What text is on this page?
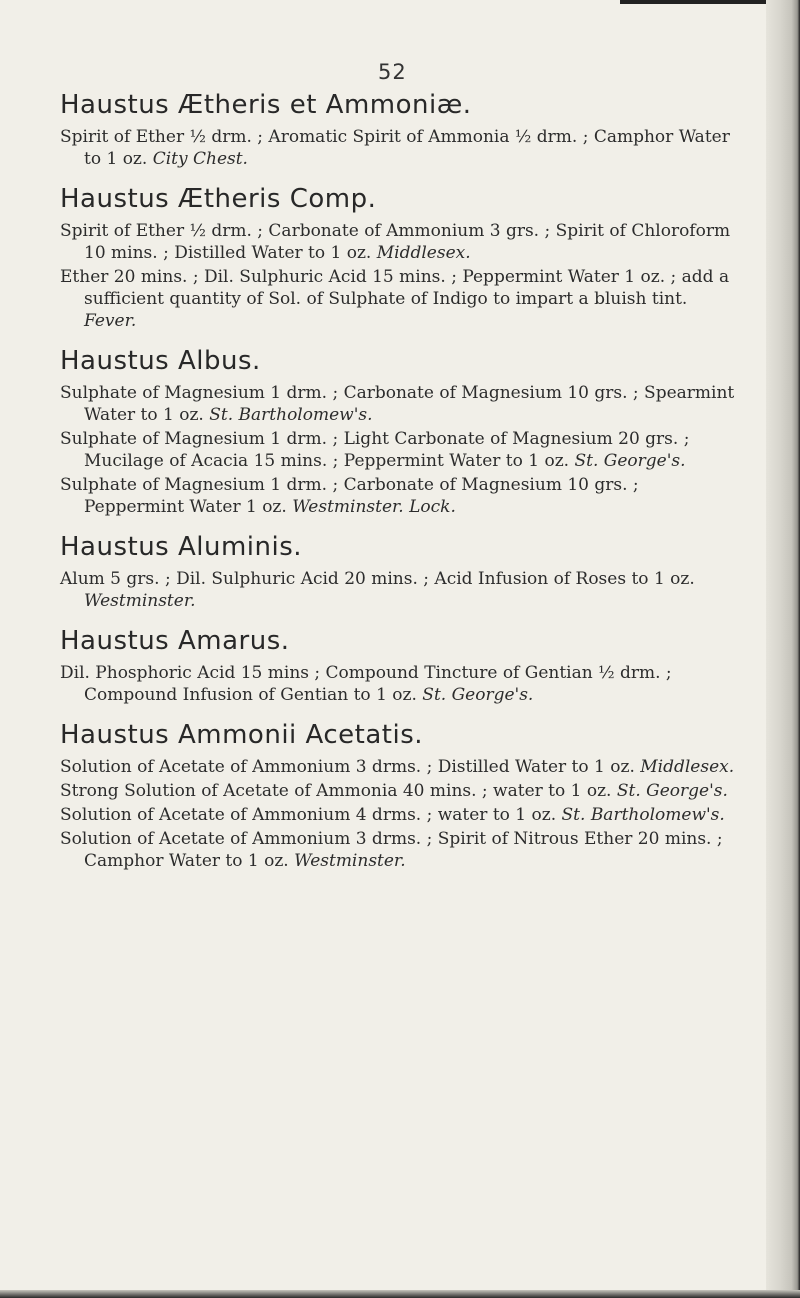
52
Haustus Ætheris et Ammoniæ.
Spirit of Ether ½ drm. ; Aromatic Spirit of Ammonia ½ drm. ; Camphor Water to 1 oz. City Chest.
Haustus Ætheris Comp.
Spirit of Ether ½ drm. ; Carbonate of Ammonium 3 grs. ; Spirit of Chloroform 10 mins. ; Distilled Water to 1 oz. Middlesex.
Ether 20 mins. ; Dil. Sulphuric Acid 15 mins. ; Peppermint Water 1 oz. ; add a sufficient quantity of Sol. of Sulphate of Indigo to impart a bluish tint. Fever.
Haustus Albus.
Sulphate of Magnesium 1 drm. ; Carbonate of Magnesium 10 grs. ; Spearmint Water to 1 oz. St. Bartholomew's.
Sulphate of Magnesium 1 drm. ; Light Carbonate of Magnesium 20 grs. ; Mucilage of Acacia 15 mins. ; Peppermint Water to 1 oz. St. George's.
Sulphate of Magnesium 1 drm. ; Carbonate of Magnesium 10 grs. ; Peppermint Water 1 oz. Westminster. Lock.
Haustus Aluminis.
Alum 5 grs. ; Dil. Sulphuric Acid 20 mins. ; Acid Infusion of Roses to 1 oz. Westminster.
Haustus Amarus.
Dil. Phosphoric Acid 15 mins ; Compound Tincture of Gentian ½ drm. ; Compound Infusion of Gentian to 1 oz. St. George's.
Haustus Ammonii Acetatis.
Solution of Acetate of Ammonium 3 drms. ; Distilled Water to 1 oz. Middlesex.
Strong Solution of Acetate of Ammonia 40 mins. ; water to 1 oz. St. George's.
Solution of Acetate of Ammonium 4 drms. ; water to 1 oz. St. Bartholomew's.
Solution of Acetate of Ammonium 3 drms. ; Spirit of Nitrous Ether 20 mins. ; Camphor Water to 1 oz. Westminster.
